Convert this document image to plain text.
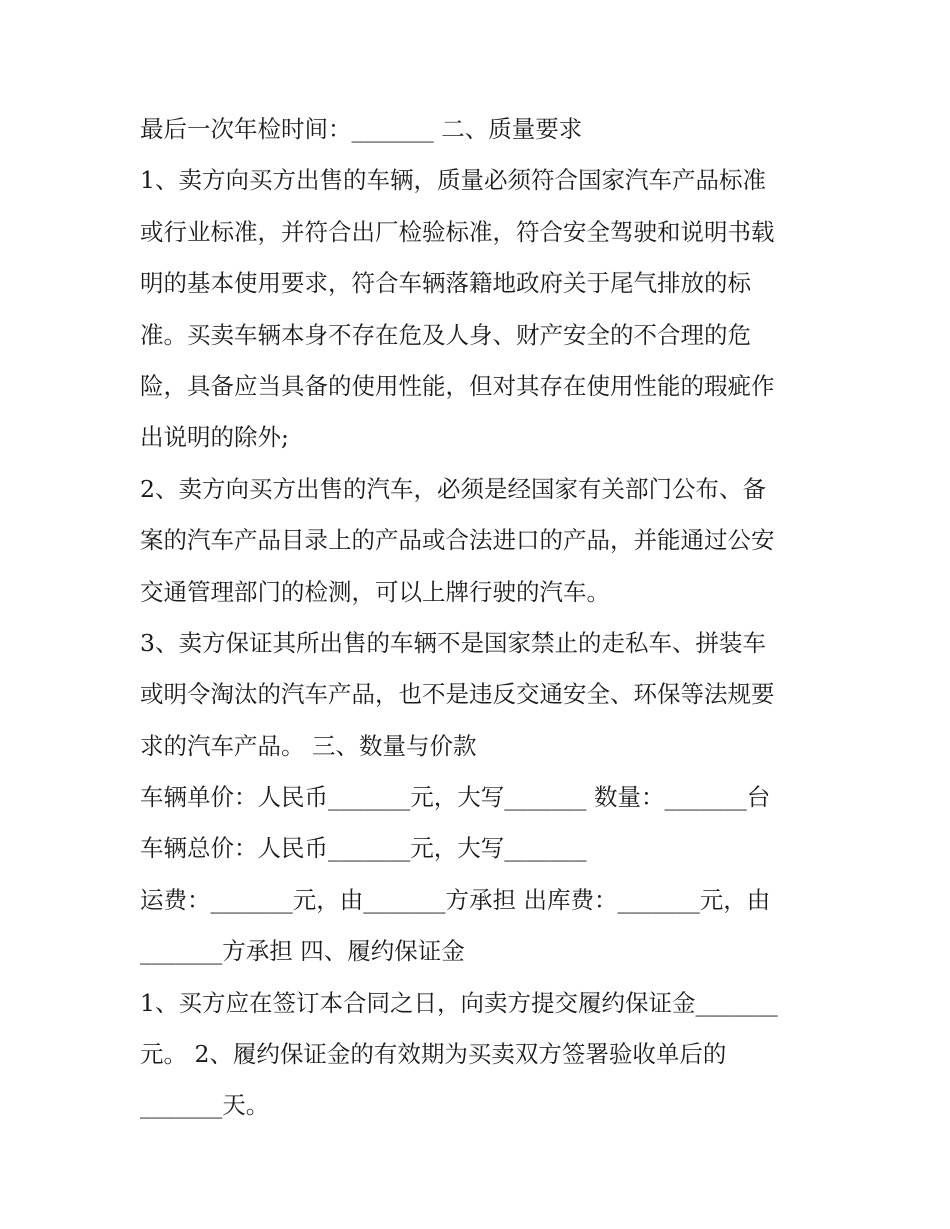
最后一次年检时间：_______ 二、质量要求
1、卖方向买方出售的车辆，质量必须符合国家汽车产品标准
或行业标准，并符合出厂检验标准，符合安全驾驶和说明书载
明的基本使用要求，符合车辆落籍地政府关于尾气排放的标
准。买卖车辆本身不存在危及人身、财产安全的不合理的危
险，具备应当具备的使用性能，但对其存在使用性能的瑕疵作
出说明的除外;
2、卖方向买方出售的汽车，必须是经国家有关部门公布、备
案的汽车产品目录上的产品或合法进口的产品，并能通过公安
交通管理部门的检测，可以上牌行驶的汽车。
3、卖方保证其所出售的车辆不是国家禁止的走私车、拼装车
或明令淘汰的汽车产品，也不是违反交通安全、环保等法规要
求的汽车产品。 三、数量与价款
车辆单价：人民币_______元，大写_______ 数量：_______台
车辆总价：人民币_______元，大写_______
运费：_______元，由_______方承担 出库费：_______元，由
_______方承担 四、履约保证金
1、买方应在签订本合同之日，向卖方提交履约保证金_______
元。 2、履约保证金的有效期为买卖双方签署验收单后的
_______天。
